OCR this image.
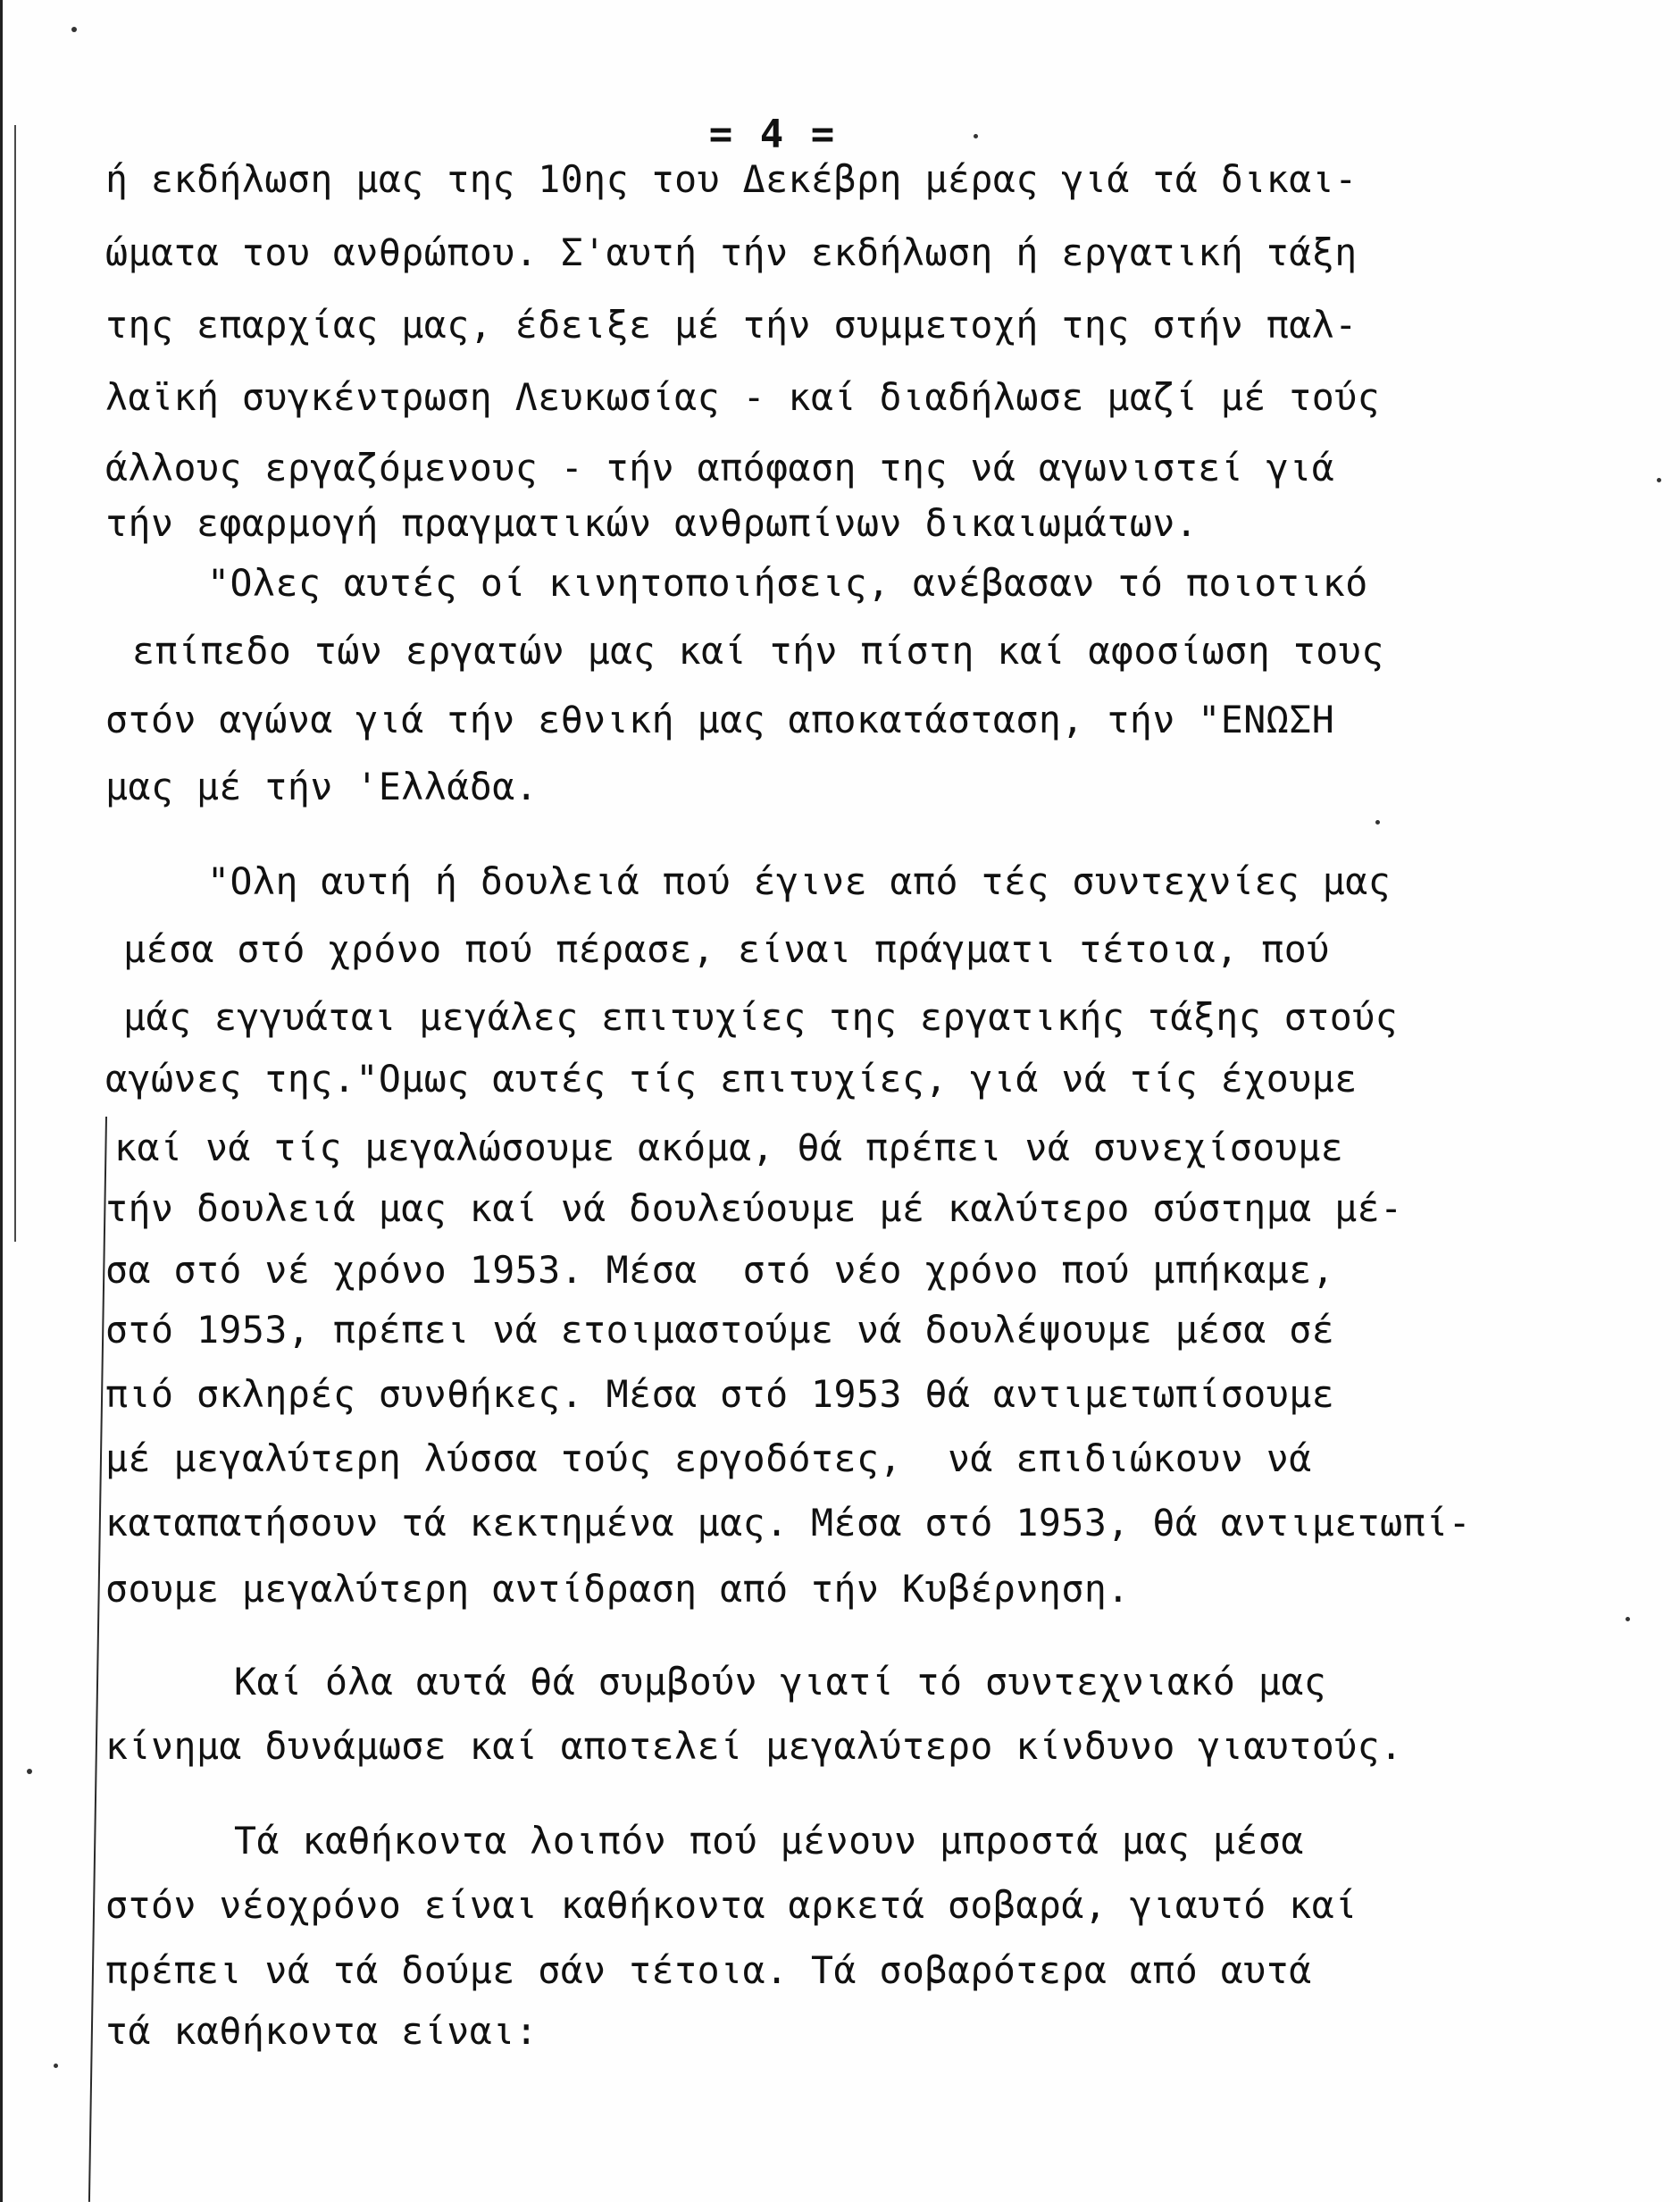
= 4 =
ή εκδήλωση μας της 10ης του Δεκέβρη μέρας γιά τά δικαι-
ώματα του ανθρώπου. Σ'αυτή τήν εκδήλωση ή εργατική τάξη
της επαρχίας μας, έδειξε μέ τήν συμμετοχή της στήν παλ-
λαϊκή συγκέντρωση Λευκωσίας - καί διαδήλωσε μαζί μέ τούς
άλλους εργαζόμενους - τήν απόφαση της νά αγωνιστεί γιά
τήν εφαρμογή πραγματικών ανθρωπίνων δικαιωμάτων.
"Ολες αυτές οί κινητοποιήσεις, ανέβασαν τό ποιοτικό
επίπεδο τών εργατών μας καί τήν πίστη καί αφοσίωση τους
στόν αγώνα γιά τήν εθνική μας αποκατάσταση, τήν "ΕΝΩΣΗ
μας μέ τήν 'Ελλάδα.
"Ολη αυτή ή δουλειά πού έγινε από τές συντεχνίες μας
μέσα στό χρόνο πού πέρασε, είναι πράγματι τέτοια, πού
μάς εγγυάται μεγάλες επιτυχίες της εργατικής τάξης στούς
αγώνες της."Ομως αυτές τίς επιτυχίες, γιά νά τίς έχουμε
καί νά τίς μεγαλώσουμε ακόμα, θά πρέπει νά συνεχίσουμε
τήν δουλειά μας καί νά δουλεύουμε μέ καλύτερο σύστημα μέ-
σα στό νέ χρόνο 1953. Μέσα  στό νέο χρόνο πού μπήκαμε,
στό 1953, πρέπει νά ετοιμαστούμε νά δουλέψουμε μέσα σέ
πιό σκληρές συνθήκες. Μέσα στό 1953 θά αντιμετωπίσουμε
μέ μεγαλύτερη λύσσα τούς εργοδότες,  νά επιδιώκουν νά
καταπατήσουν τά κεκτημένα μας. Μέσα στό 1953, θά αντιμετωπί-
σουμε μεγαλύτερη αντίδραση από τήν Κυβέρνηση.
Καί όλα αυτά θά συμβούν γιατί τό συντεχνιακό μας
κίνημα δυνάμωσε καί αποτελεί μεγαλύτερο κίνδυνο γιαυτούς.
Τά καθήκοντα λοιπόν πού μένουν μπροστά μας μέσα
στόν νέοχρόνο είναι καθήκοντα αρκετά σοβαρά, γιαυτό καί
πρέπει νά τά δούμε σάν τέτοια. Τά σοβαρότερα από αυτά
τά καθήκοντα είναι:
